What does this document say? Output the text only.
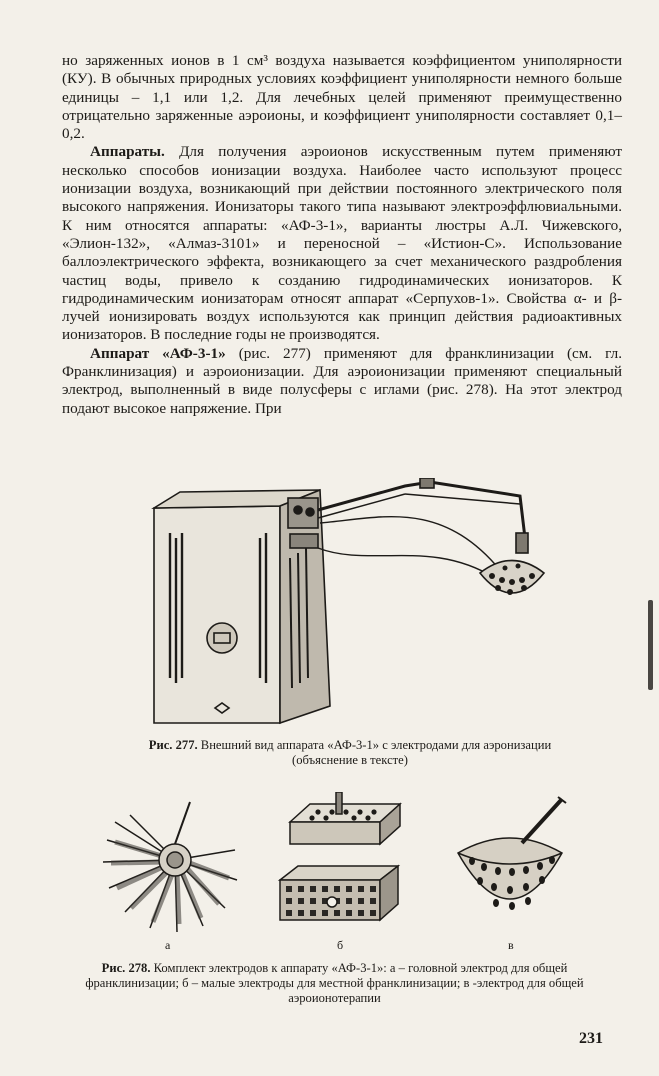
но заряженных ионов в 1 см³ воздуха называется коэффициентом униполярности (КУ). В обычных природных условиях коэффициент униполярности немного больше единицы – 1,1 или 1,2. Для лечебных целей применяют преимущественно отрицательно заряженные аэроионы, и коэффициент униполярности составляет 0,1–0,2.

Аппараты. Для получения аэроионов искусственным путем применяют несколько способов ионизации воздуха. Наиболее часто используют процесс ионизации воздуха, возникающий при действии постоянного электрического поля высокого напряжения. Ионизаторы такого типа называют электроэффлювиальными. К ним относятся аппараты: «АФ-3-1», варианты люстры А.Л. Чижевского, «Элион-132», «Алмаз-3101» и переносной – «Истион-С». Использование баллоэлектрического эффекта, возникающего за счет механического раздробления частиц воды, привело к созданию гидродинамических ионизаторов. К гидродинамическим ионизаторам относят аппарат «Серпухов-1». Свойства α- и β-лучей ионизировать воздух используются как принцип действия радиоактивных ионизаторов. В последние годы не производятся.

Аппарат «АФ-3-1» (рис. 277) применяют для франклинизации (см. гл. Франклинизация) и аэроионизации. Для аэроионизации применяют специальный электрод, выполненный в виде полусферы с иглами (рис. 278). На этот электрод подают высокое напряжение. При

Рис. 277. Внешний вид аппарата «АФ-3-1» с электродами для аэронизации (объяснение в тексте)
а	б	в
Рис. 278. Комплект электродов к аппарату «АФ-3-1»: а – головной электрод для общей франклинизации; б – малые электроды для местной франклинизации; в -электрод для общей аэроионотерапии
231
